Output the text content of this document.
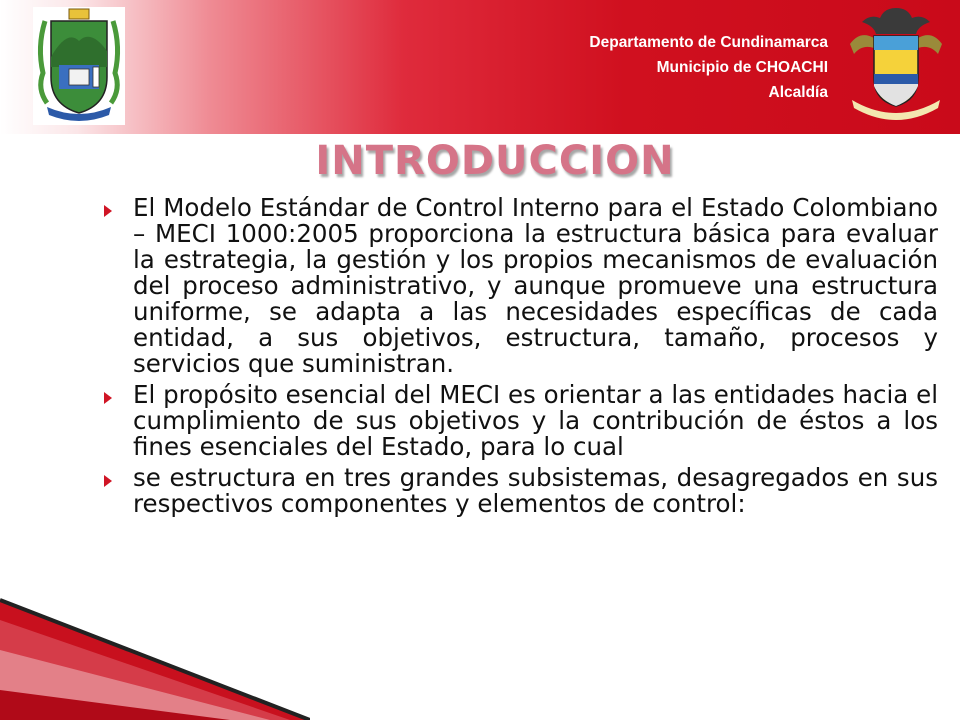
Departamento de Cundinamarca
Municipio de CHOACHI
Alcaldía
INTRODUCCION
El Modelo Estándar de Control Interno para el Estado Colombiano – MECI 1000:2005 proporciona la estructura básica para evaluar la estrategia, la gestión y los propios mecanismos de evaluación del proceso administrativo, y aunque promueve una estructura uniforme, se adapta a las necesidades específicas de cada entidad, a sus objetivos, estructura, tamaño, procesos y servicios que suministran.
El propósito esencial del MECI es orientar a las entidades hacia el cumplimiento de sus objetivos y la contribución de éstos a los fines esenciales del Estado, para lo cual
se estructura en tres grandes subsistemas, desagregados en sus respectivos componentes y elementos de control:
